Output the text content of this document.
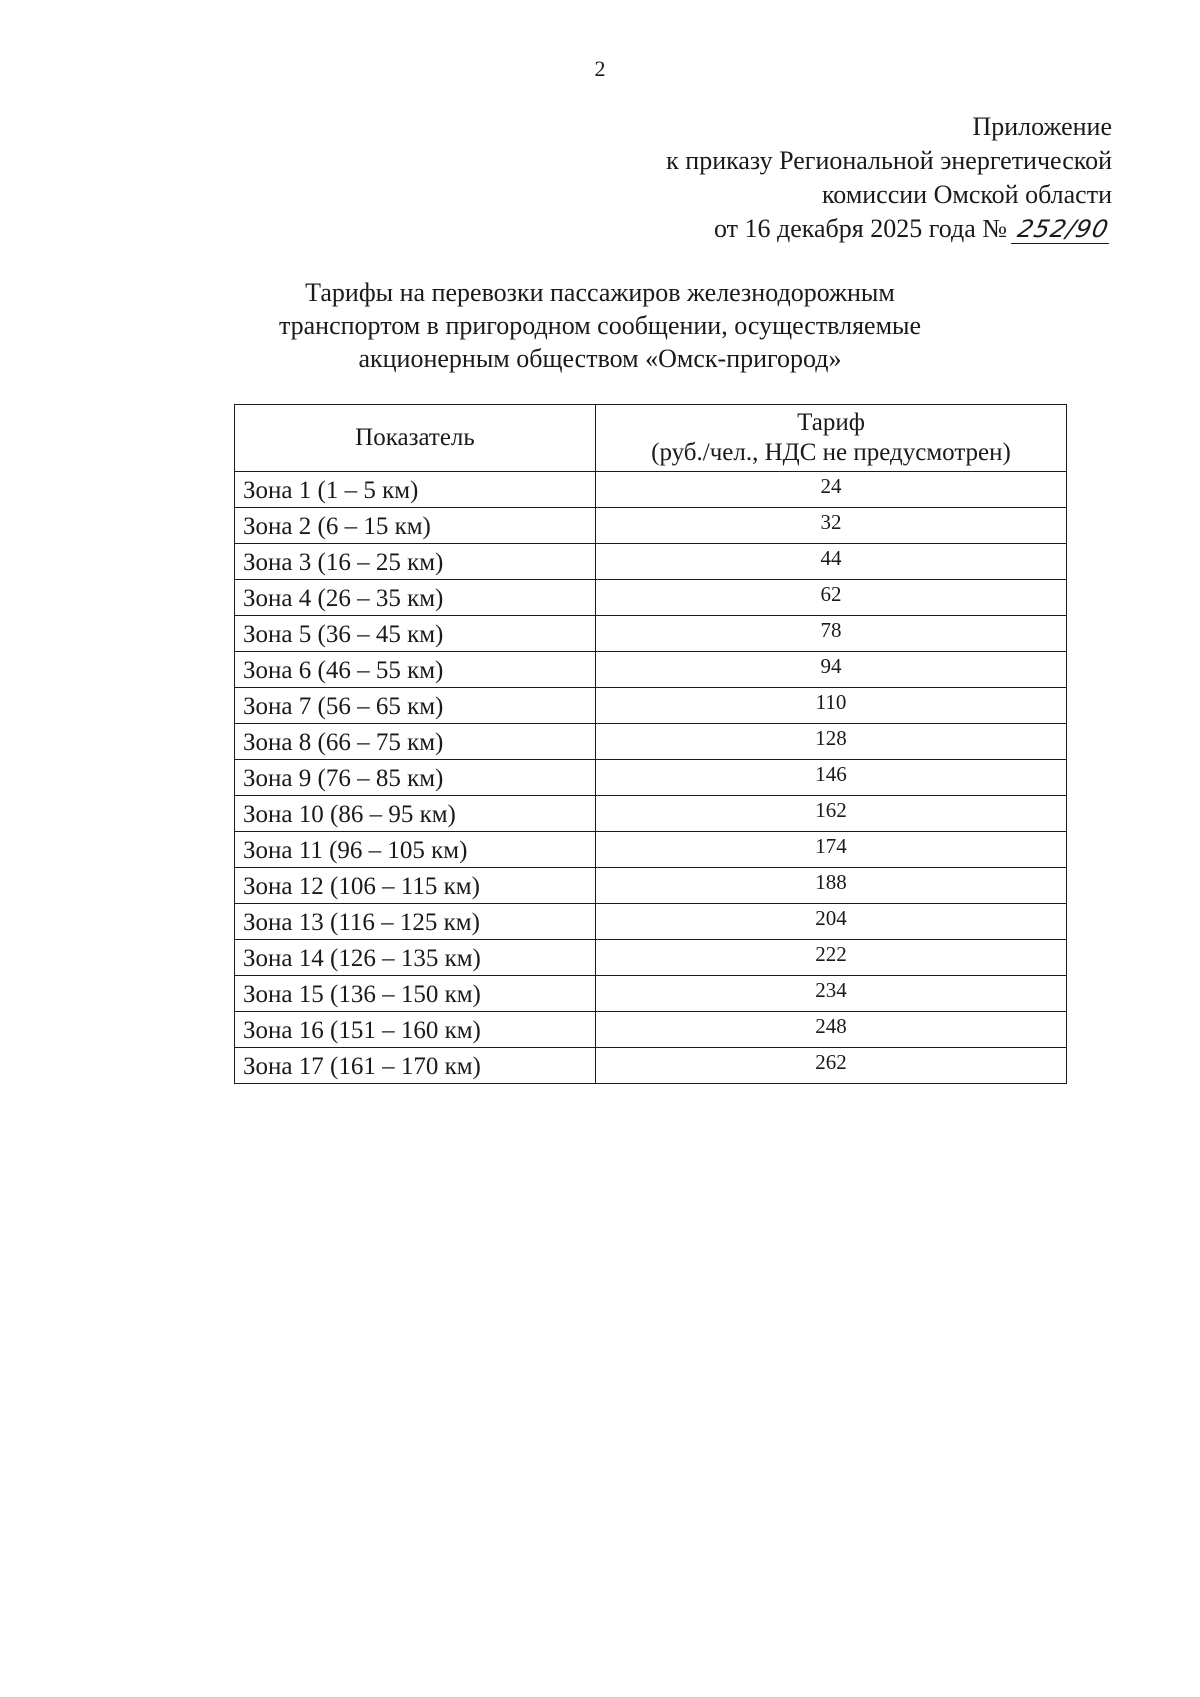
2
Приложение
к приказу Региональной энергетической
комиссии Омской области
от 16 декабря 2025 года № 252/90
Тарифы на перевозки пассажиров железнодорожным
транспортом в пригородном сообщении, осуществляемые
акционерным обществом «Омск-пригород»
Показатель	Тариф
(руб./чел., НДС не предусмотрен)

Зона 1 (1 – 5 км)	24
Зона 2 (6 – 15 км)	32
Зона 3 (16 – 25 км)	44
Зона 4 (26 – 35 км)	62
Зона 5 (36 – 45 км)	78
Зона 6 (46 – 55 км)	94
Зона 7 (56 – 65 км)	110
Зона 8 (66 – 75 км)	128
Зона 9 (76 – 85 км)	146
Зона 10 (86 – 95 км)	162
Зона 11 (96 – 105 км)	174
Зона 12 (106 – 115 км)	188
Зона 13 (116 – 125 км)	204
Зона 14 (126 – 135 км)	222
Зона 15 (136 – 150 км)	234
Зона 16 (151 – 160 км)	248
Зона 17 (161 – 170 км)	262
